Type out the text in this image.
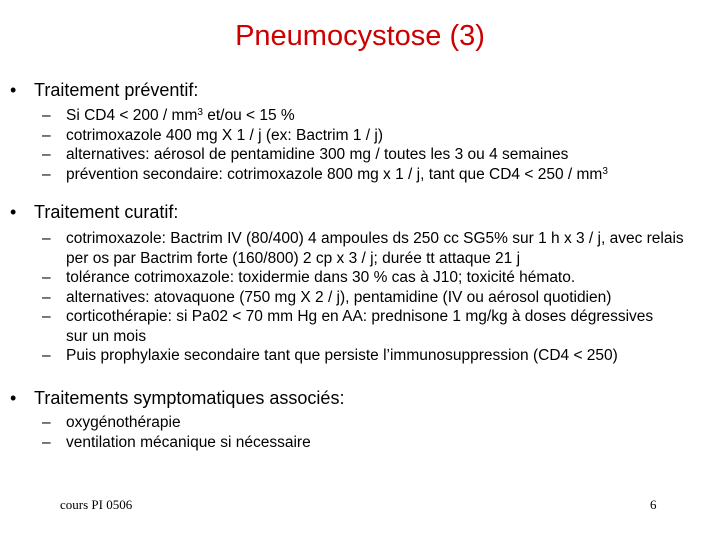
Pneumocystose (3)
• Traitement préventif:
– Si $CD4 < 200 / mm^3$ et/ou < 15 %
– cotrimoxazole 400 mg X 1 / j (ex: Bactrim 1 / j)
– alternatives: aérosol de pentamidine 300 mg / toutes les 3 ou 4 semaines
– prévention secondaire: cotrimoxazole 800 mg x 1 / j, tant que $CD4 < 250 / mm^3$
• Traitement curatif:
– cotrimoxazole: Bactrim IV (80/400) 4 ampoules ds 250 cc SG5% sur 1 h x 3 / j, avec relais per os par Bactrim forte (160/800) 2 cp x 3 / j; durée tt attaque 21 j
– tolérance cotrimoxazole: toxidermie dans 30 % cas à J10; toxicité hémato.
– alternatives: atovaquone (750 mg X 2 / j), pentamidine (IV ou aérosol quotidien)
– corticothérapie: si Pa02 < 70 mm Hg en AA: prednisone 1 mg/kg à doses dégressives sur un mois
– Puis prophylaxie secondaire tant que persiste l’immunosuppression (CD4 < 250)
• Traitements symptomatiques associés:
– oxygénothérapie
– ventilation mécanique si nécessaire
cours PI 0506	6
